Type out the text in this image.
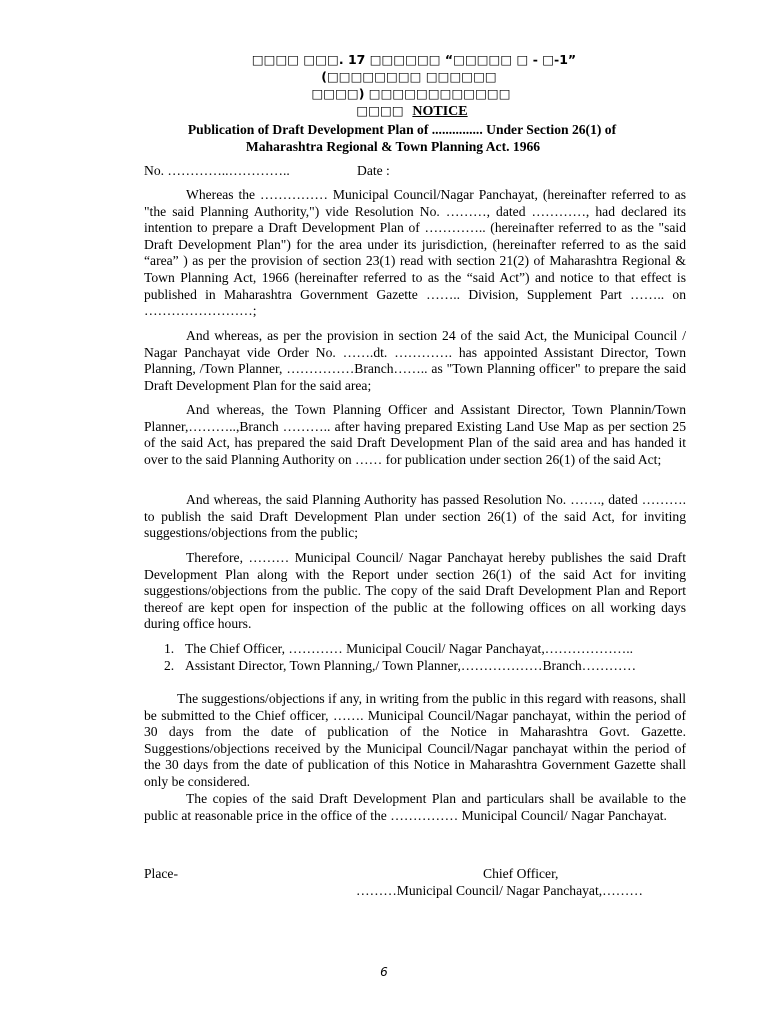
□□□□ □□□. 17 □□□□□□ “□□□□□ □ - □-1”
(□□□□□□□□ □□□□□□
□□□□) □□□□□□□□□□□□
□□□□ NOTICE
Publication of Draft Development Plan of ............... Under Section 26(1) of
Maharashtra Regional & Town Planning Act. 1966
No. …………..…………..	Date :

Whereas the …………… Municipal Council/Nagar Panchayat, (hereinafter referred to as "the said Planning Authority,") vide Resolution No. ………, dated …………, had declared its intention to prepare a Draft Development Plan of ………….. (hereinafter referred to as the "said Draft Development Plan") for the area under its jurisdiction, (hereinafter referred to as the said “area” ) as per the provision of section 23(1) read with section 21(2) of Maharashtra Regional & Town Planning Act, 1966 (hereinafter referred to as the “said Act”) and notice to that effect is published in Maharashtra Government Gazette …….. Division, Supplement Part …….. on ……………………;

And whereas, as per the provision in section 24 of the said Act, the Municipal Council / Nagar Panchayat vide Order No. …….dt. …………. has appointed Assistant Director, Town Planning, /Town Planner, ……………Branch…….. as "Town Planning officer" to prepare the said Draft Development Plan for the said area;

And whereas, the Town Planning Officer and Assistant Director, Town Plannin/Town Planner,………..,Branch ……….. after having prepared Existing Land Use Map as per section 25 of the said Act, has prepared the said Draft Development Plan of the said area and has handed it over to the said Planning Authority on …… for publication under section 26(1) of the said Act;

And whereas, the said Planning Authority has passed Resolution No. ……., dated ………. to publish the said Draft Development Plan under section 26(1) of the said Act, for inviting suggestions/objections from the public;

Therefore, ……… Municipal Council/ Nagar Panchayat hereby publishes the said Draft Development Plan along with the Report under section 26(1) of the said Act for inviting suggestions/objections from the public. The copy of the said Draft Development Plan and Report thereof are kept open for inspection of the public at the following offices on all working days during office hours.

1. The Chief Officer, ………… Municipal Coucil/ Nagar Panchayat,………………..
2. Assistant Director, Town Planning,/ Town Planner,………………Branch…………

The suggestions/objections if any, in writing from the public in this regard with reasons, shall be submitted to the Chief officer, ……. Municipal Council/Nagar panchayat, within the period of 30 days from the date of publication of the Notice in Maharashtra Govt. Gazette. Suggestions/objections received by the Municipal Council/Nagar panchayat within the period of the 30 days from the date of publication of this Notice in Maharashtra Government Gazette shall only be considered.

The copies of the said Draft Development Plan and particulars shall be available to the public at reasonable price in the office of the …………… Municipal Council/ Nagar Panchayat.

Place-	Chief Officer,
………Municipal Council/ Nagar Panchayat,………
6
